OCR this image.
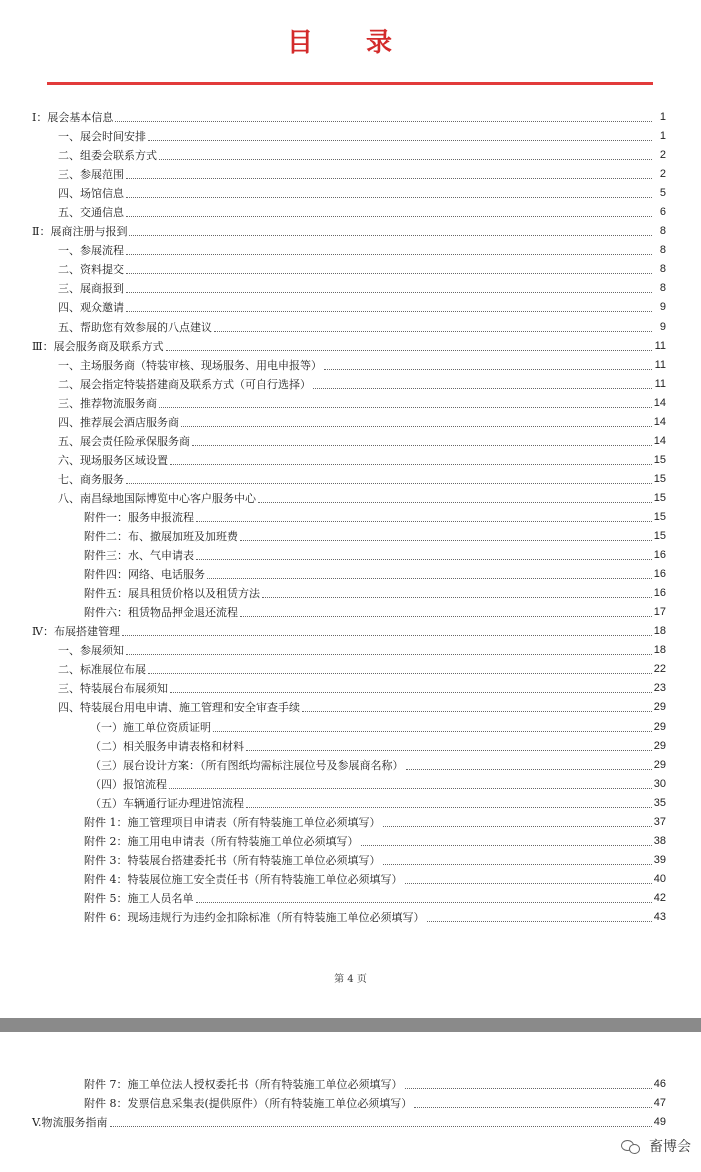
目 录
Ⅰ：展会基本信息	1
一、展会时间安排	1
二、组委会联系方式	2
三、参展范围	2
四、场馆信息	5
五、交通信息	6
Ⅱ：展商注册与报到	8
一、参展流程	8
二、资料提交	8
三、展商报到	8
四、观众邀请	9
五、帮助您有效参展的八点建议	9
Ⅲ：展会服务商及联系方式	11
一、主场服务商（特装审核、现场服务、用电申报等）	11
二、展会指定特装搭建商及联系方式（可自行选择）	11
三、推荐物流服务商	14
四、推荐展会酒店服务商	14
五、展会责任险承保服务商	14
六、现场服务区域设置	15
七、商务服务	15
八、南昌绿地国际博览中心客户服务中心	15
附件一：服务申报流程	15
附件二：布、撤展加班及加班费	15
附件三：水、气申请表	16
附件四：网络、电话服务	16
附件五：展具租赁价格以及租赁方法	16
附件六：租赁物品押金退还流程	17
Ⅳ：布展搭建管理	18
一、参展须知	18
二、标准展位布展	22
三、特装展台布展须知	23
四、特装展台用电申请、施工管理和安全审查手续	29
（一）施工单位资质证明	29
（二）相关服务申请表格和材料	29
（三）展台设计方案：（所有图纸均需标注展位号及参展商名称）	29
（四）报馆流程	30
（五）车辆通行证办理进馆流程	35
附件 1：施工管理项目申请表（所有特装施工单位必须填写）	37
附件 2：施工用电申请表（所有特装施工单位必须填写）	38
附件 3：特装展台搭建委托书（所有特装施工单位必须填写）	39
附件 4：特装展位施工安全责任书（所有特装施工单位必须填写）	40
附件 5：施工人员名单	42
附件 6：现场违规行为违约金扣除标准（所有特装施工单位必须填写）	43
第 4 页
附件 7：施工单位法人授权委托书（所有特装施工单位必须填写）	46
附件 8：发票信息采集表(提供原件）（所有特装施工单位必须填写）	47
V.物流服务指南	49
畜博会
